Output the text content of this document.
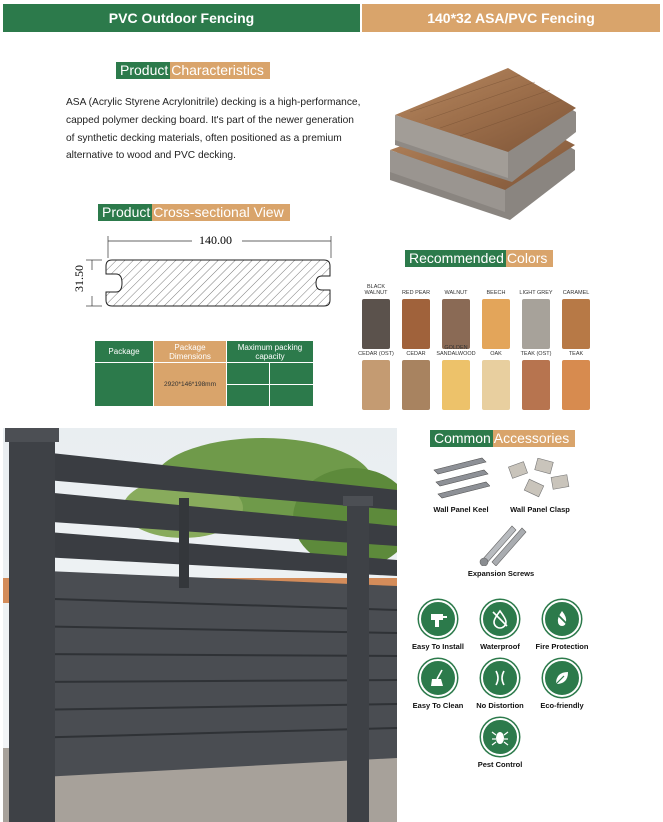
PVC Outdoor Fencing	140*32 ASA/PVC Fencing
Product Characteristics
ASA (Acrylic Styrene Acrylonitrile) decking is a high-performance, capped polymer decking board. It's part of the newer generation of synthetic decking materials, often positioned as a premium alternative to wood and PVC decking.
Product Cross-sectional View
140.00
31.50
Package	Package Dimensions	Maximum packing capacity	
	2920*146*198mm		

Recommended Colors
BLACK WALNUT	RED PEAR	WALNUT	BEECH	LIGHT GREY	CARAMEL
CEDAR (OST)	CEDAR
GOLDEN SANDALWOOD	OAK	TEAK (OST)	TEAK
Common Accessories
Wall Panel Keel	Wall Panel Clasp
Expansion Screws
Easy To Install	Waterproof	Fire Protection
Easy To Clean	No Distortion	Eco-friendly
Pest Control
